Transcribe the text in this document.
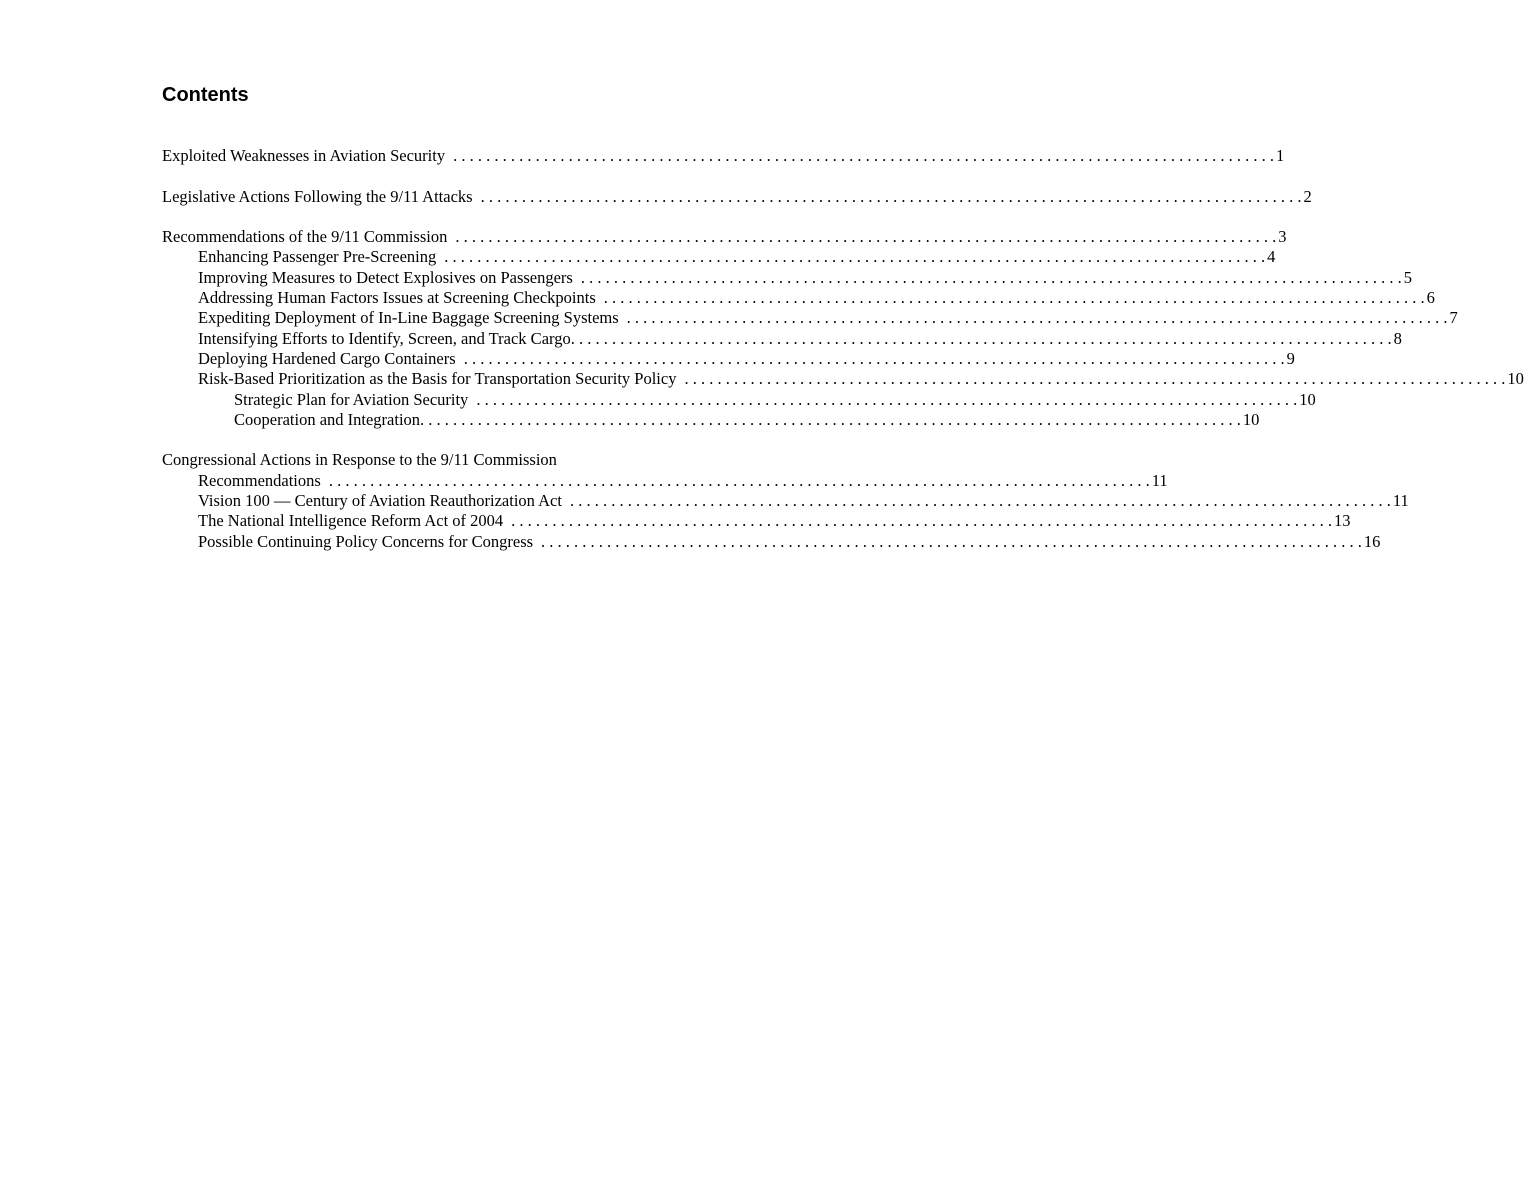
Contents
Exploited Weaknesses in Aviation Security . . . . . . . . . . . . . . . . . . . . . . . . . . . . . . . . . . . . . . . . . . . . . . . . . . . . . . . . . . . . . . . . . . . . . . . . . . . . . . . . . . . . . . . . . . . . . . . . . . . . 1
Legislative Actions Following the 9/11 Attacks . . . . . . . . . . . . . . . . . . . . . . . . . . . . . . . . . . . . . . . . . . . . . . . . . . . . . . . . . . . . . . . . . . . . . . . . . . . . . . . . . . . . . . . . . . . . . . . . . . . . 2
Recommendations of the 9/11 Commission . . . . . . . . . . . . . . . . . . . . . . . . . . . . . . . . . . . . . . . . . . . . . . . . . . . . . . . . . . . . . . . . . . . . . . . . . . . . . . . . . . . . . . . . . . . . . . . . . . . . 3
Enhancing Passenger Pre-Screening . . . . . . . . . . . . . . . . . . . . . . . . . . . . . . . . . . . . . . . . . . . . . . . . . . . . . . . . . . . . . . . . . . . . . . . . . . . . . . . . . . . . . . . . . . . . . . . . . . . . 4
Improving Measures to Detect Explosives on Passengers . . . . . . . . . . . . . . . . . . . . . . . . . . . . . . . . . . . . . . . . . . . . . . . . . . . . . . . . . . . . . . . . . . . . . . . . . . . . . . . . . . . . . . . . . . . . . . . . . . . . 5
Addressing Human Factors Issues at Screening Checkpoints . . . . . . . . . . . . . . . . . . . . . . . . . . . . . . . . . . . . . . . . . . . . . . . . . . . . . . . . . . . . . . . . . . . . . . . . . . . . . . . . . . . . . . . . . . . . . . . . . . . . 6
Expediting Deployment of In-Line Baggage Screening Systems . . . . . . . . . . . . . . . . . . . . . . . . . . . . . . . . . . . . . . . . . . . . . . . . . . . . . . . . . . . . . . . . . . . . . . . . . . . . . . . . . . . . . . . . . . . . . . . . . . . . 7
Intensifying Efforts to Identify, Screen, and Track Cargo . . . . . . . . . . . . . . . . . . . . . . . . . . . . . . . . . . . . . . . . . . . . . . . . . . . . . . . . . . . . . . . . . . . . . . . . . . . . . . . . . . . . . . . . . . . . . . . . . . . . 8
Deploying Hardened Cargo Containers . . . . . . . . . . . . . . . . . . . . . . . . . . . . . . . . . . . . . . . . . . . . . . . . . . . . . . . . . . . . . . . . . . . . . . . . . . . . . . . . . . . . . . . . . . . . . . . . . . . . 9
Risk-Based Prioritization as the Basis for Transportation Security Policy . . . . . . . . . . . . . . . . . . . . . . . . . . . . . . . . . . . . . . . . . . . . . . . . . . . . . . . . . . . . . . . . . . . . . . . . . . . . . . . . . . . . . . . . . . . . . . . . . . . . 10
Strategic Plan for Aviation Security . . . . . . . . . . . . . . . . . . . . . . . . . . . . . . . . . . . . . . . . . . . . . . . . . . . . . . . . . . . . . . . . . . . . . . . . . . . . . . . . . . . . . . . . . . . . . . . . . . . . 10
Cooperation and Integration . . . . . . . . . . . . . . . . . . . . . . . . . . . . . . . . . . . . . . . . . . . . . . . . . . . . . . . . . . . . . . . . . . . . . . . . . . . . . . . . . . . . . . . . . . . . . . . . . . . . 10
Congressional Actions in Response to the 9/11 Commission
Recommendations . . . . . . . . . . . . . . . . . . . . . . . . . . . . . . . . . . . . . . . . . . . . . . . . . . . . . . . . . . . . . . . . . . . . . . . . . . . . . . . . . . . . . . . . . . . . . . . . . . . . 11
Vision 100 — Century of Aviation Reauthorization Act . . . . . . . . . . . . . . . . . . . . . . . . . . . . . . . . . . . . . . . . . . . . . . . . . . . . . . . . . . . . . . . . . . . . . . . . . . . . . . . . . . . . . . . . . . . . . . . . . . . . 11
The National Intelligence Reform Act of 2004 . . . . . . . . . . . . . . . . . . . . . . . . . . . . . . . . . . . . . . . . . . . . . . . . . . . . . . . . . . . . . . . . . . . . . . . . . . . . . . . . . . . . . . . . . . . . . . . . . . . . 13
Possible Continuing Policy Concerns for Congress . . . . . . . . . . . . . . . . . . . . . . . . . . . . . . . . . . . . . . . . . . . . . . . . . . . . . . . . . . . . . . . . . . . . . . . . . . . . . . . . . . . . . . . . . . . . . . . . . . . . 16
